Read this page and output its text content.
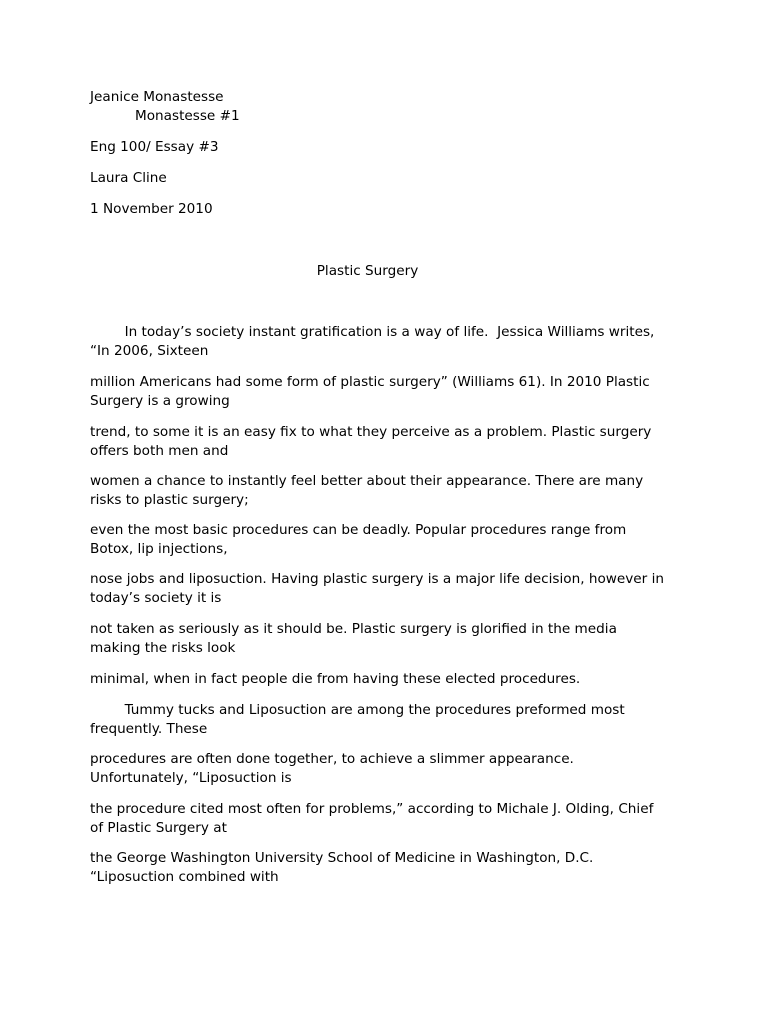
Jeanice Monastesse
Monastesse #1
Eng 100/ Essay #3
Laura Cline
1 November 2010
Plastic Surgery
In today’s society instant gratification is a way of life.  Jessica Williams writes,
“In 2006, Sixteen
million Americans had some form of plastic surgery” (Williams 61). In 2010 Plastic
Surgery is a growing
trend, to some it is an easy fix to what they perceive as a problem. Plastic surgery
offers both men and
women a chance to instantly feel better about their appearance. There are many
risks to plastic surgery;
even the most basic procedures can be deadly. Popular procedures range from
Botox, lip injections,
nose jobs and liposuction. Having plastic surgery is a major life decision, however in
today’s society it is
not taken as seriously as it should be. Plastic surgery is glorified in the media
making the risks look
minimal, when in fact people die from having these elected procedures.
Tummy tucks and Liposuction are among the procedures preformed most
frequently. These
procedures are often done together, to achieve a slimmer appearance.
Unfortunately, “Liposuction is
the procedure cited most often for problems,” according to Michale J. Olding, Chief
of Plastic Surgery at
the George Washington University School of Medicine in Washington, D.C.
“Liposuction combined with
